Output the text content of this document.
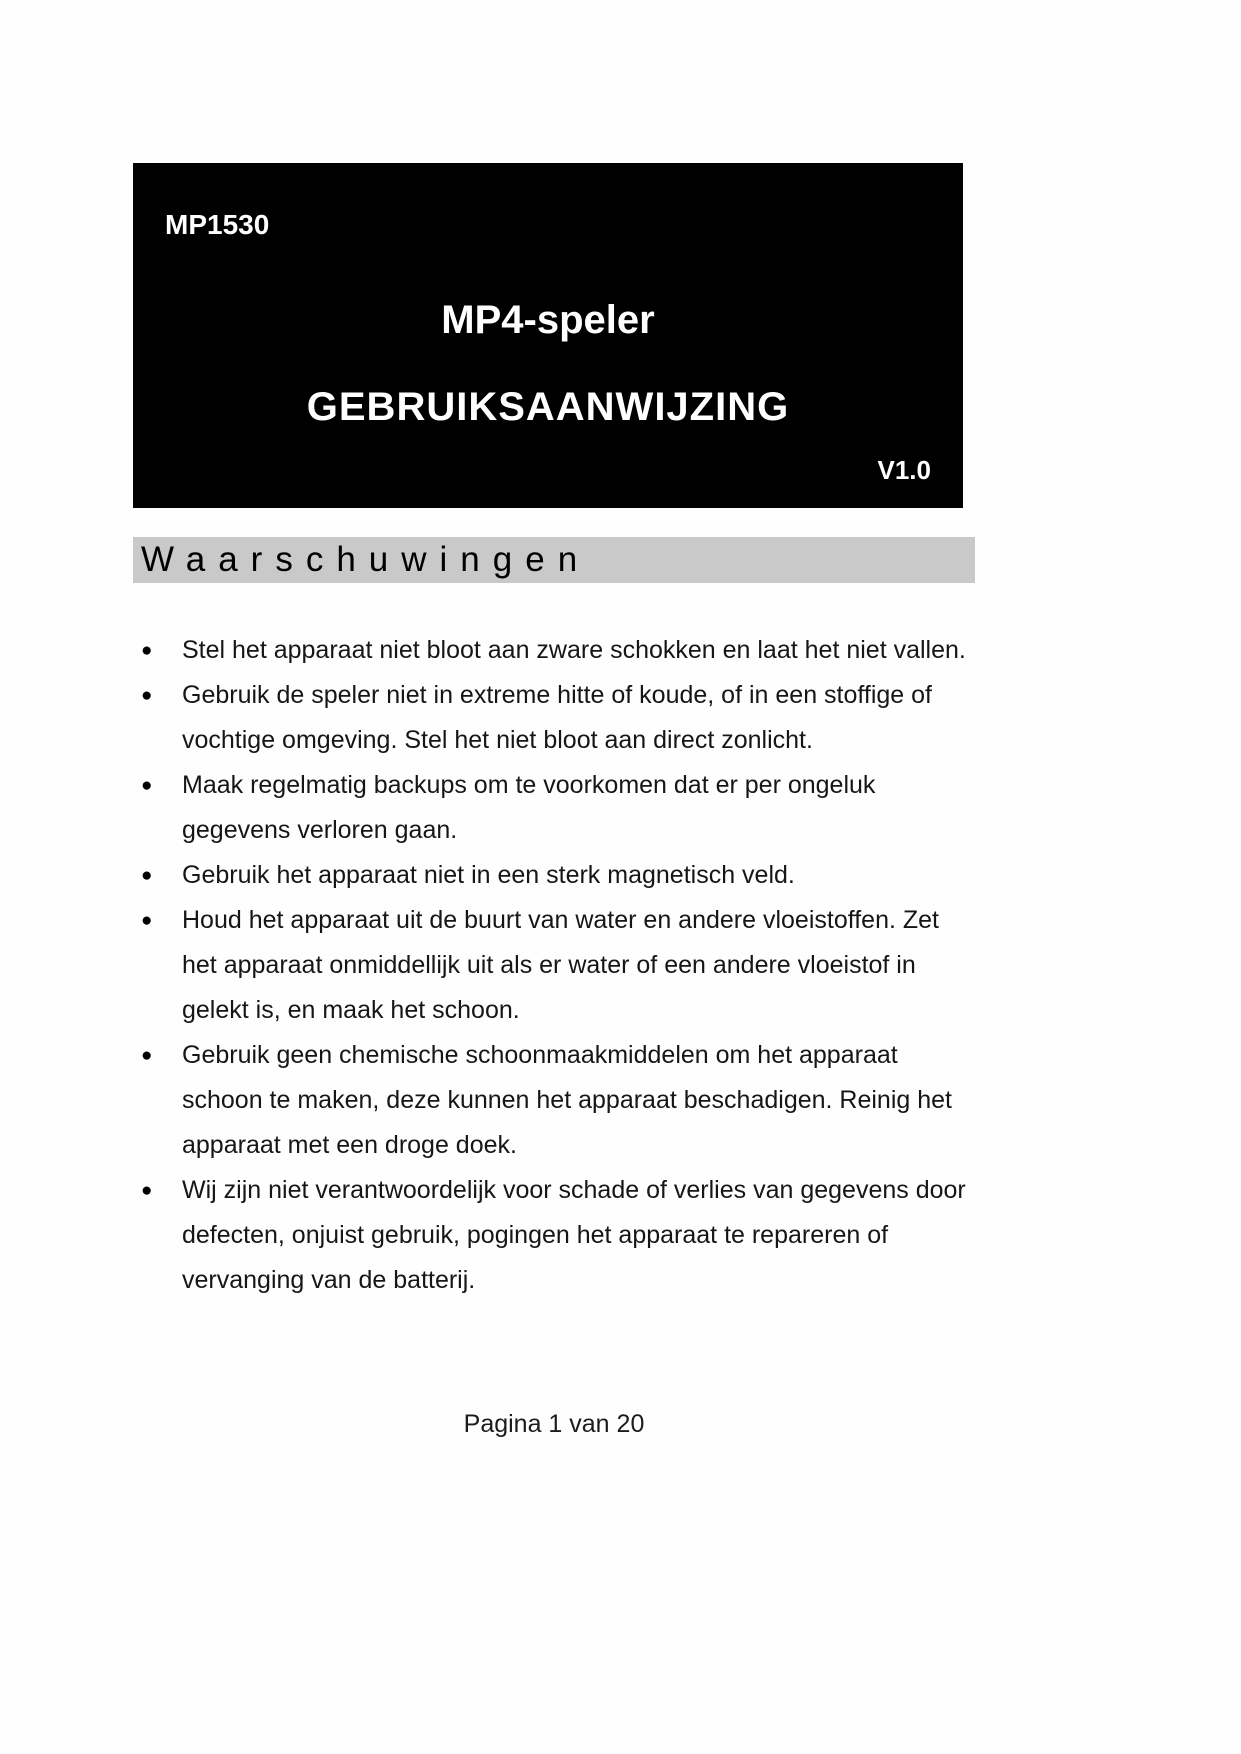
MP1530
MP4-speler
GEBRUIKSAANWIJZING
V1.0
Waarschuwingen
● Stel het apparaat niet bloot aan zware schokken en laat het niet vallen.
● Gebruik de speler niet in extreme hitte of koude, of in een stoffige of vochtige omgeving. Stel het niet bloot aan direct zonlicht.
● Maak regelmatig backups om te voorkomen dat er per ongeluk gegevens verloren gaan.
● Gebruik het apparaat niet in een sterk magnetisch veld.
● Houd het apparaat uit de buurt van water en andere vloeistoffen. Zet het apparaat onmiddellijk uit als er water of een andere vloeistof in gelekt is, en maak het schoon.
● Gebruik geen chemische schoonmaakmiddelen om het apparaat schoon te maken, deze kunnen het apparaat beschadigen. Reinig het apparaat met een droge doek.
● Wij zijn niet verantwoordelijk voor schade of verlies van gegevens door defecten, onjuist gebruik, pogingen het apparaat te repareren of vervanging van de batterij.
Pagina 1 van 20
